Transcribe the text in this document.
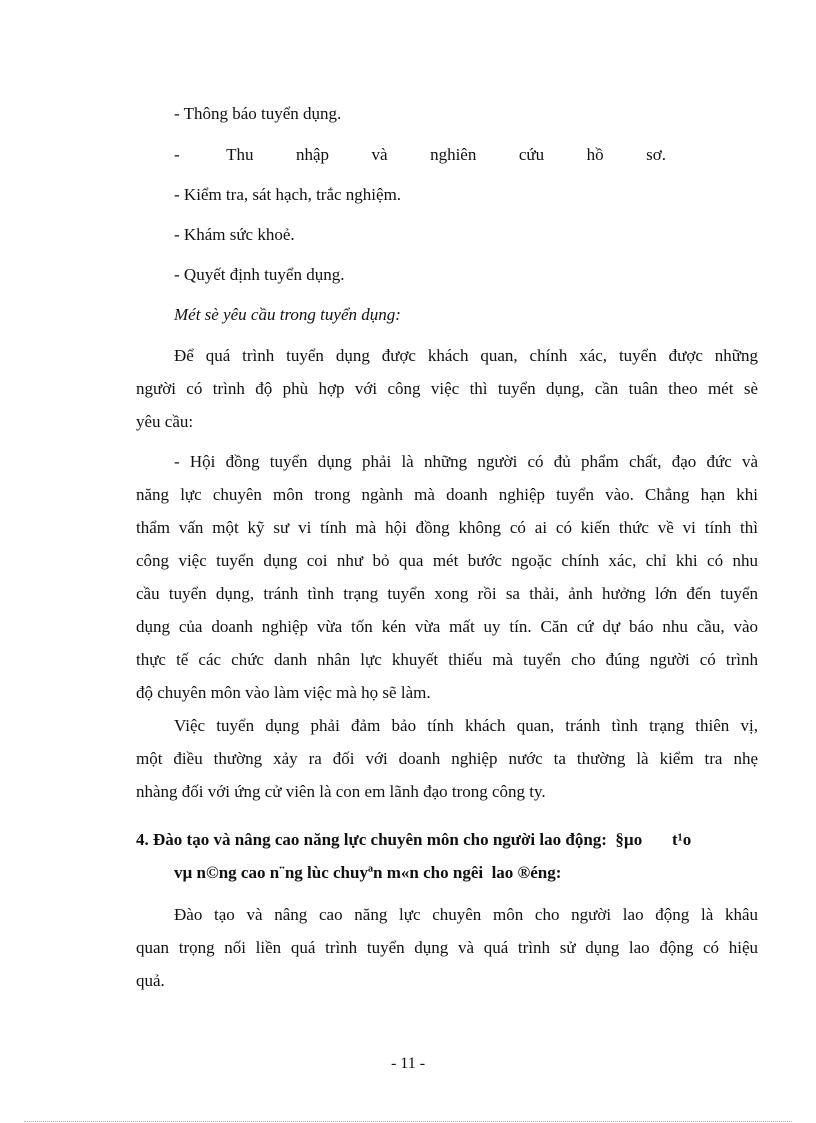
- Thông báo tuyển dụng.
-           Thu          nhập          và          nghiên          cứu          hồ          sơ.
- Kiểm tra, sát hạch, trắc nghiệm.
- Khám sức khoẻ.
- Quyết định tuyển dụng.
Mét sè yêu cầu trong tuyển dụng:
Để quá trình tuyển dụng được khách quan, chính xác, tuyển được những
người có trình độ phù hợp với công việc thì tuyển dụng, cần tuân theo mét sè
yêu cầu:
- Hội đồng tuyển dụng phải là những người có đủ phẩm chất, đạo đức và
năng lực chuyên môn trong ngành mà doanh nghiệp tuyển vào. Chẳng hạn khi
thẩm vấn một kỹ sư vi tính mà hội đồng không có ai có kiến thức về vi tính thì
công việc tuyển dụng coi như bỏ qua mét bước ngoặc chính xác, chỉ khi có nhu
cầu tuyển dụng, tránh tình trạng tuyển xong rồi sa thải, ảnh hưởng lớn đến tuyển
dụng của doanh nghiệp vừa tốn kén vừa mất uy tín. Căn cứ dự báo nhu cầu, vào
thực tế các chức danh nhân lực khuyết thiếu mà tuyển cho đúng người có trình
độ chuyên môn vào làm việc mà họ sẽ làm.
Việc tuyển dụng phải đảm bảo tính khách quan, tránh tình trạng thiên vị,
một điều thường xảy ra đối với doanh nghiệp nước ta thường là kiểm tra nhẹ
nhàng đối với ứng cử viên là con em lãnh đạo trong công ty.
4. Đào tạo và nâng cao năng lực chuyên môn cho người lao động:  §µo       t¹o
vµ n©ng cao n¨ng lùc chuyªn m«n cho ngêi  lao ®éng:
Đào tạo và nâng cao năng lực chuyên môn cho người lao động là khâu
quan trọng nối liền quá trình tuyển dụng và quá trình sử dụng lao động có hiệu
quả.
- 11 -
